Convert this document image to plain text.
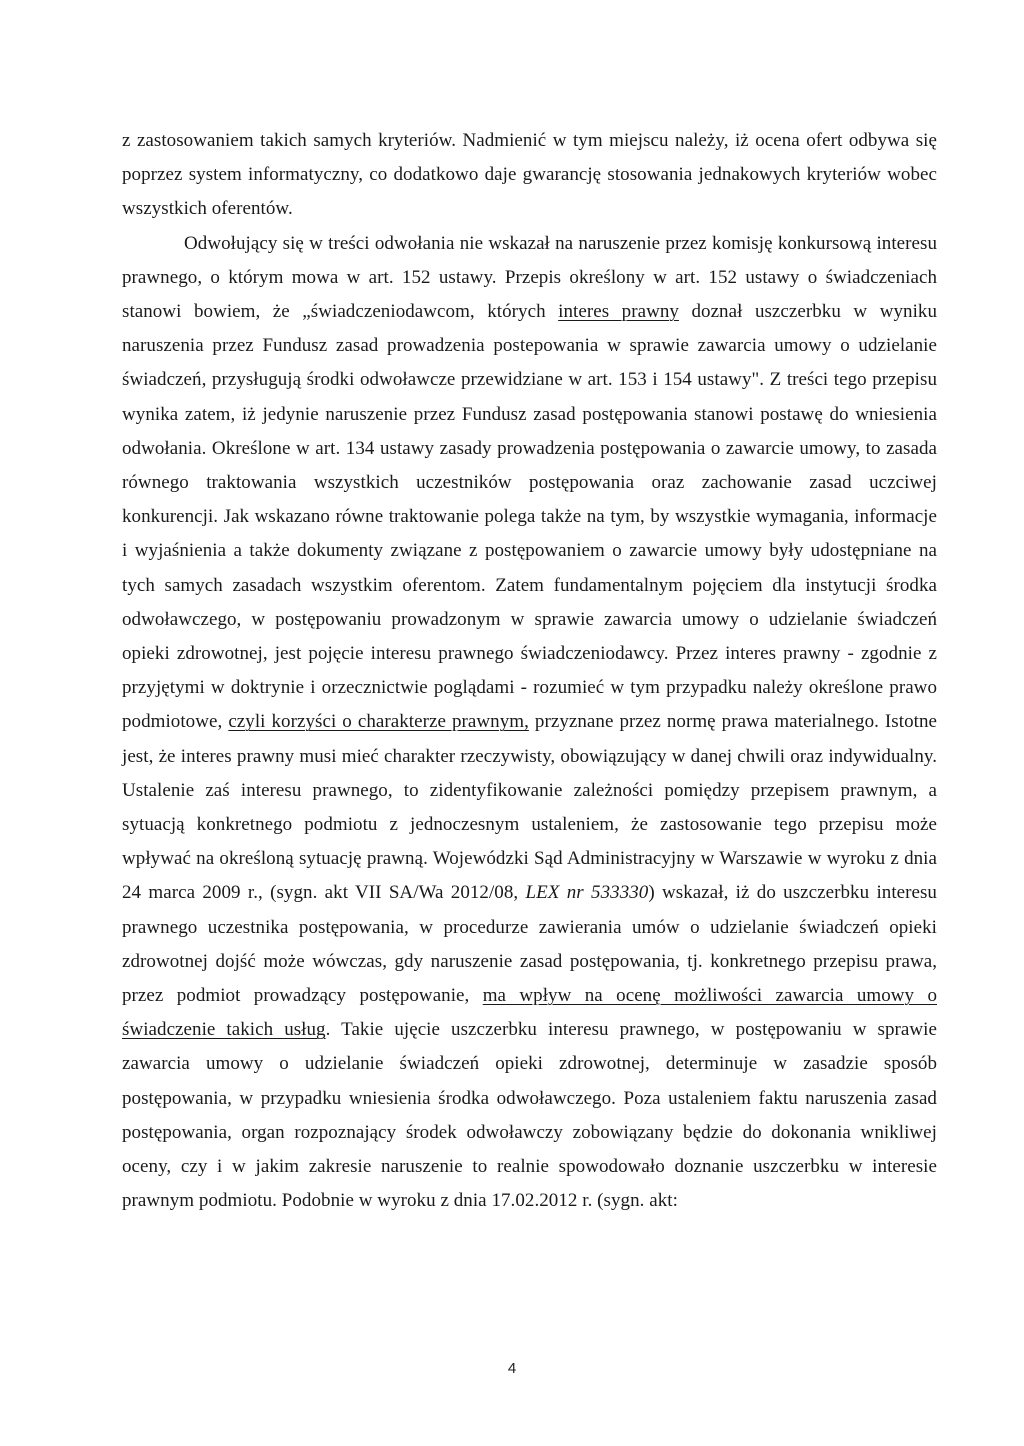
z zastosowaniem takich samych kryteriów. Nadmienić w tym miejscu należy, iż ocena ofert odbywa się poprzez system informatyczny, co dodatkowo daje gwarancję stosowania jednakowych kryteriów wobec wszystkich oferentów.

Odwołujący się w treści odwołania nie wskazał na naruszenie przez komisję konkursową interesu prawnego, o którym mowa w art. 152 ustawy. Przepis określony w art. 152 ustawy o świadczeniach stanowi bowiem, że „świadczeniodawcom, których interes prawny doznał uszczerbku w wyniku naruszenia przez Fundusz zasad prowadzenia postepowania w sprawie zawarcia umowy o udzielanie świadczeń, przysługują środki odwoławcze przewidziane w art. 153 i 154 ustawy". Z treści tego przepisu wynika zatem, iż jedynie naruszenie przez Fundusz zasad postępowania stanowi postawę do wniesienia odwołania. Określone w art. 134 ustawy zasady prowadzenia postępowania o zawarcie umowy, to zasada równego traktowania wszystkich uczestników postępowania oraz zachowanie zasad uczciwej konkurencji. Jak wskazano równe traktowanie polega także na tym, by wszystkie wymagania, informacje i wyjaśnienia a także dokumenty związane z postępowaniem o zawarcie umowy były udostępniane na tych samych zasadach wszystkim oferentom. Zatem fundamentalnym pojęciem dla instytucji środka odwoławczego, w postępowaniu prowadzonym w sprawie zawarcia umowy o udzielanie świadczeń opieki zdrowotnej, jest pojęcie interesu prawnego świadczeniodawcy. Przez interes prawny - zgodnie z przyjętymi w doktrynie i orzecznictwie poglądami - rozumieć w tym przypadku należy określone prawo podmiotowe, czyli korzyści o charakterze prawnym, przyznane przez normę prawa materialnego. Istotne jest, że interes prawny musi mieć charakter rzeczywisty, obowiązujący w danej chwili oraz indywidualny. Ustalenie zaś interesu prawnego, to zidentyfikowanie zależności pomiędzy przepisem prawnym, a sytuacją konkretnego podmiotu z jednoczesnym ustaleniem, że zastosowanie tego przepisu może wpływać na określoną sytuację prawną. Wojewódzki Sąd Administracyjny w Warszawie w wyroku z dnia 24 marca 2009 r., (sygn. akt VII SA/Wa 2012/08, LEX nr 533330) wskazał, iż do uszczerbku interesu prawnego uczestnika postępowania, w procedurze zawierania umów o udzielanie świadczeń opieki zdrowotnej dojść może wówczas, gdy naruszenie zasad postępowania, tj. konkretnego przepisu prawa, przez podmiot prowadzący postępowanie, ma wpływ na ocenę możliwości zawarcia umowy o świadczenie takich usług. Takie ujęcie uszczerbku interesu prawnego, w postępowaniu w sprawie zawarcia umowy o udzielanie świadczeń opieki zdrowotnej, determinuje w zasadzie sposób postępowania, w przypadku wniesienia środka odwoławczego. Poza ustaleniem faktu naruszenia zasad postępowania, organ rozpoznający środek odwoławczy zobowiązany będzie do dokonania wnikliwej oceny, czy i w jakim zakresie naruszenie to realnie spowodowało doznanie uszczerbku w interesie prawnym podmiotu. Podobnie w wyroku z dnia 17.02.2012 r. (sygn. akt:

4
